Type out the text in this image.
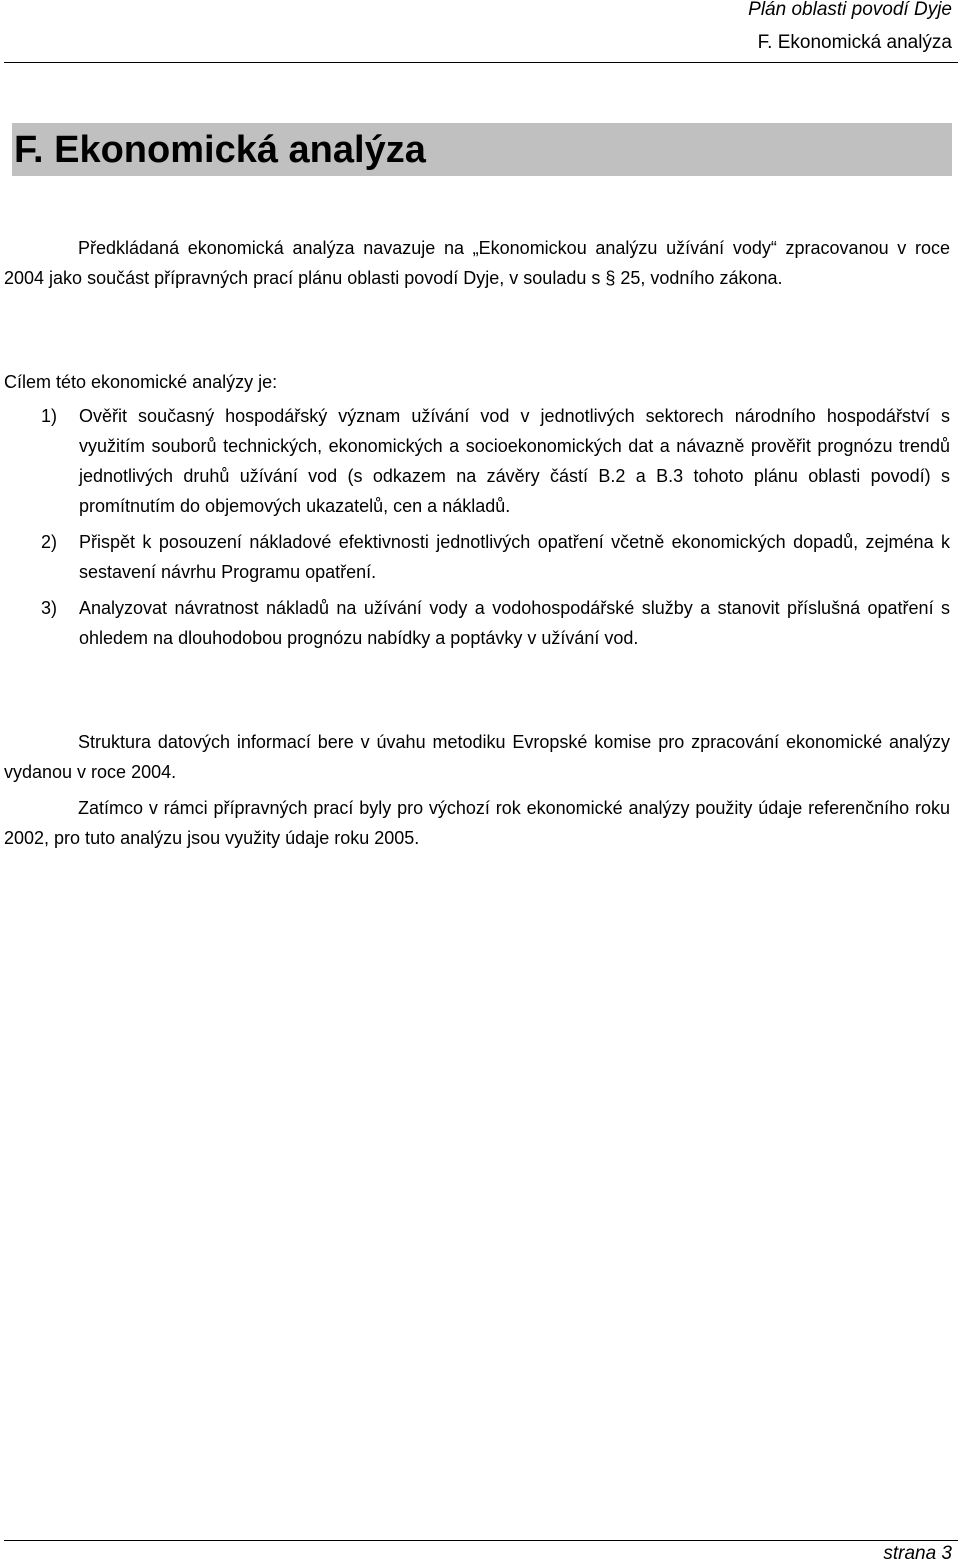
Plán oblasti povodí Dyje
F. Ekonomická analýza
F. Ekonomická analýza

Předkládaná ekonomická analýza navazuje na „Ekonomickou analýzu užívání vody“ zpracovanou v roce 2004 jako součást přípravných prací plánu oblasti povodí Dyje, v souladu s § 25, vodního zákona.

Cílem této ekonomické analýzy je:

1) Ověřit současný hospodářský význam užívání vod v jednotlivých sektorech národního hospodářství s využitím souborů technických, ekonomických a socioekonomických dat a návazně prověřit prognózu trendů jednotlivých druhů užívání vod (s odkazem na závěry částí B.2 a B.3 tohoto plánu oblasti povodí) s promítnutím do objemových ukazatelů, cen a nákladů.

2) Přispět k posouzení nákladové efektivnosti jednotlivých opatření včetně ekonomických dopadů, zejména k sestavení návrhu Programu opatření.

3) Analyzovat návratnost nákladů na užívání vody a vodohospodářské služby a stanovit příslušná opatření s ohledem na dlouhodobou prognózu nabídky a poptávky v užívání vod.

Struktura datových informací bere v úvahu metodiku Evropské komise pro zpracování ekonomické analýzy vydanou v roce 2004.

Zatímco v rámci přípravných prací byly pro výchozí rok ekonomické analýzy použity údaje referenčního roku 2002, pro tuto analýzu jsou využity údaje roku 2005.

strana 3
